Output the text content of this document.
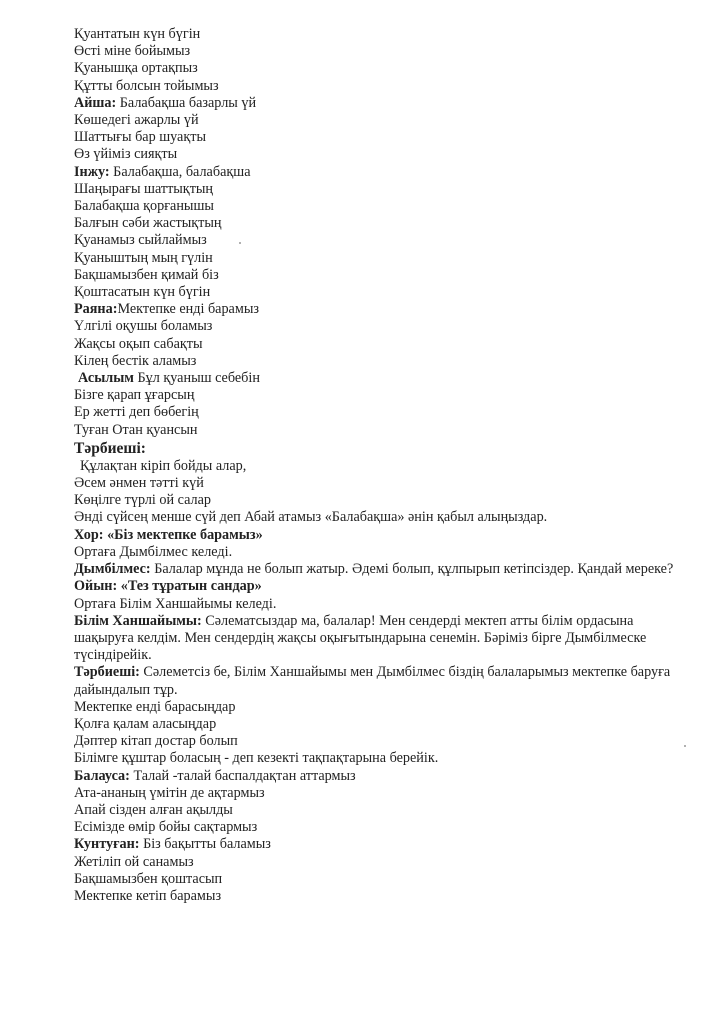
Қуантатын күн бүгін
Өсті міне бойымыз
Қуанышқа ортақпыз
Құтты болсын тойымыз
Айша: Балабақша базарлы үй
Көшедегі ажарлы үй
Шаттығы бар шуақты
Өз үйіміз сияқты
Інжу: Балабақша, балабақша
Шаңырағы шаттықтың
Балабақша қорғанышы
Балғын сәби жастықтың
Қуанамыз сыйлаймыз
Қуаныштың мың гүлін
Бақшамызбен қимай біз
Қоштасатын күн бүгін
Раяна:Мектепке енді барамыз
Үлгілі оқушы боламыз
Жақсы оқып сабақты
Кілең бестік аламыз
Асылым Бұл қуаныш себебін
Бізге қарап ұғарсың
Ер жетті деп бөбегің
Туған Отан қуансын
Тәрбиеші:
Құлақтан кіріп бойды алар,
Әсем әнмен тәтті күй
Көңілге түрлі ой салар
Әнді сүйсең менше сүй деп Абай атамыз «Балабақша» әнін қабыл алыңыздар.
Хор: «Біз мектепке барамыз»
Ортаға Дымбілмес келеді.
Дымбілмес: Балалар мұнда не болып жатыр. Әдемі болып, құлпырып кетіпсіздер. Қандай мереке?
Ойын: «Тез тұратын сандар»
Ортаға Білім Ханшайымы келеді.
Білім Ханшайымы: Сәлематсыздар ма, балалар! Мен сендерді мектеп атты білім ордасына шақыруға келдім. Мен сендердің жақсы оқығытындарына сенемін. Бәріміз бірге Дымбілмеске түсіндірейік.
Тәрбиеші: Сәлеметсіз бе, Білім Ханшайымы мен Дымбілмес біздің балаларымыз мектепке баруға дайындалып тұр.
Мектепке енді барасыңдар
Қолға қалам аласыңдар
Дәптер кітап достар болып
Білімге құштар боласың - деп кезекті тақпақтарына берейік.
Балауса: Талай -талай баспалдақтан аттармыз
Ата-ананың үмітін де ақтармыз
Апай сізден алған ақылды
Есімізде өмір бойы сақтармыз
Кунтуған: Біз бақытты баламыз
Жетіліп ой санамыз
Бақшамызбен қоштасып
Мектепке кетіп барамыз
